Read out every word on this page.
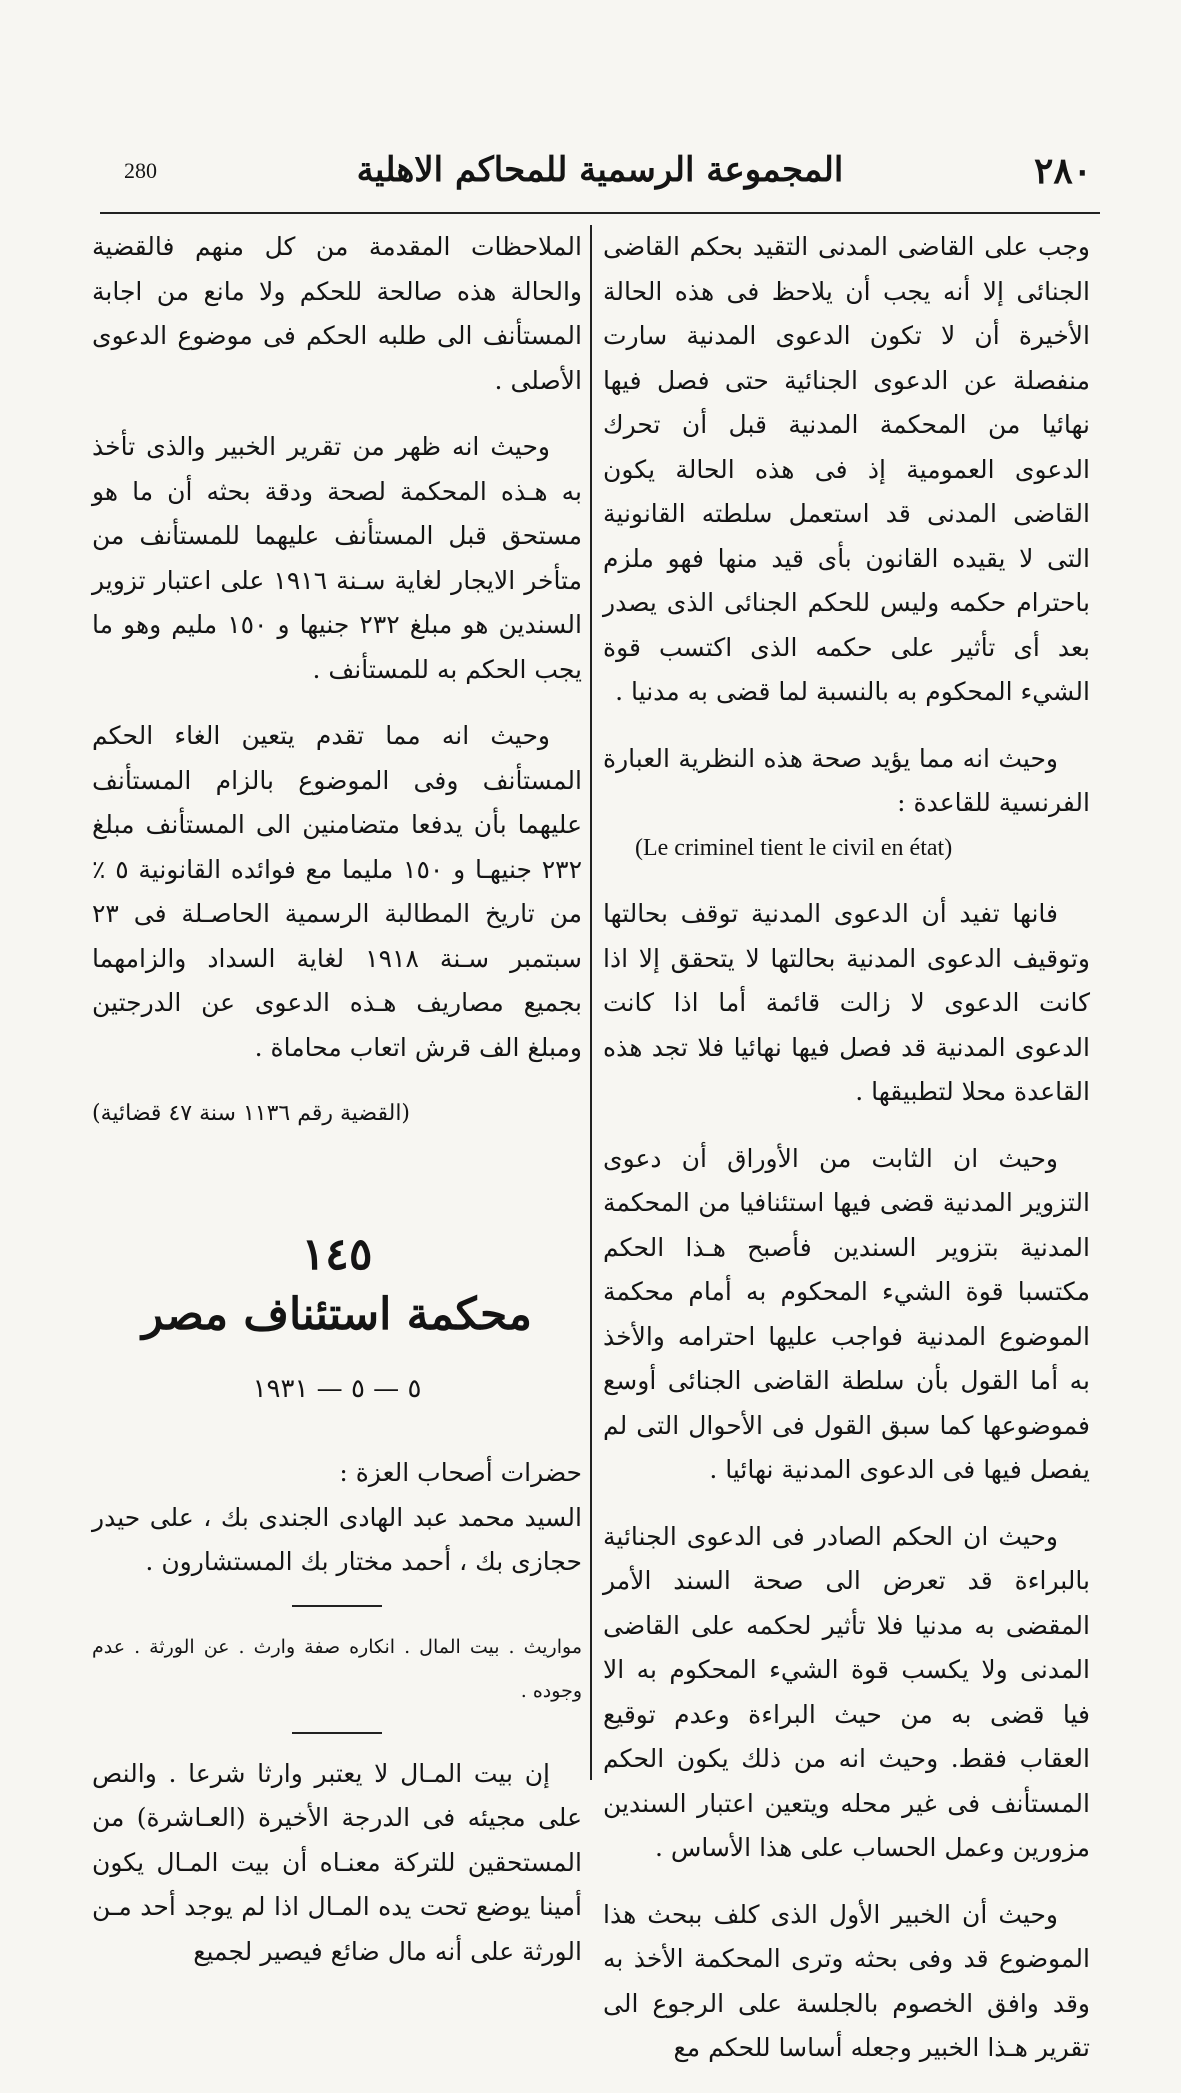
280	المجموعة الرسمية للمحاكم الاهلية	٢٨٠

وجب على القاضى المدنى التقيد بحكم القاضى الجنائى إلا أنه يجب أن يلاحظ فى هذه الحالة الأخيرة أن لا تكون الدعوى المدنية سارت منفصلة عن الدعوى الجنائية حتى فصل فيها نهائيا من المحكمة المدنية قبل أن تحرك الدعوى العمومية إذ فى هذه الحالة يكون القاضى المدنى قد استعمل سلطته القانونية التى لا يقيده القانون بأى قيد منها فهو ملزم باحترام حكمه وليس للحكم الجنائى الذى يصدر بعد أى تأثير على حكمه الذى اكتسب قوة الشيء المحكوم به بالنسبة لما قضى به مدنيا .

وحيث انه مما يؤيد صحة هذه النظرية العبارة الفرنسية للقاعدة :
(Le criminel tient le civil en état)

فانها تفيد أن الدعوى المدنية توقف بحالتها وتوقيف الدعوى المدنية بحالتها لا يتحقق إلا اذا كانت الدعوى لا زالت قائمة أما اذا كانت الدعوى المدنية قد فصل فيها نهائيا فلا تجد هذه القاعدة محلا لتطبيقها .

وحيث ان الثابت من الأوراق أن دعوى التزوير المدنية قضى فيها استئنافيا من المحكمة المدنية بتزوير السندين فأصبح هـذا الحكم مكتسبا قوة الشيء المحكوم به أمام محكمة الموضوع المدنية فواجب عليها احترامه والأخذ به أما القول بأن سلطة القاضى الجنائى أوسع فموضوعها كما سبق القول فى الأحوال التى لم يفصل فيها فى الدعوى المدنية نهائيا .

وحيث ان الحكم الصادر فى الدعوى الجنائية بالبراءة قد تعرض الى صحة السند الأمر المقضى به مدنيا فلا تأثير لحكمه على القاضى المدنى ولا يكسب قوة الشيء المحكوم به الا فيا قضى به من حيث البراءة وعدم توقيع العقاب فقط. وحيث انه من ذلك يكون الحكم المستأنف فى غير محله ويتعين اعتبار السندين مزورين وعمل الحساب على هذا الأساس .

وحيث أن الخبير الأول الذى كلف ببحث هذا الموضوع قد وفى بحثه وترى المحكمة الأخذ به وقد وافق الخصوم بالجلسة على الرجوع الى تقرير هـذا الخبير وجعله أساسا للحكم مع

الملاحظات المقدمة من كل منهم فالقضية والحالة هذه صالحة للحكم ولا مانع من اجابة المستأنف الى طلبه الحكم فى موضوع الدعوى الأصلى .

وحيث انه ظهر من تقرير الخبير والذى تأخذ به هـذه المحكمة لصحة ودقة بحثه أن ما هو مستحق قبل المستأنف عليهما للمستأنف من متأخر الايجار لغاية سـنة ١٩١٦ على اعتبار تزوير السندين هو مبلغ ٢٣٢ جنيها و ١٥٠ مليم وهو ما يجب الحكم به للمستأنف .

وحيث انه مما تقدم يتعين الغاء الحكم المستأنف وفى الموضوع بالزام المستأنف عليهما بأن يدفعا متضامنين الى المستأنف مبلغ ٢٣٢ جنيهـا و ١٥٠ مليما مع فوائده القانونية ٥ ٪ من تاريخ المطالبة الرسمية الحاصـلة فى ٢٣ سبتمبر سـنة ١٩١٨ لغاية السداد والزامهما بجميع مصاريف هـذه الدعوى عن الدرجتين ومبلغ الف قرش اتعاب محاماة .

(القضية رقم ١١٣٦ سنة ٤٧ قضائية)

١٤٥
محكمة استئناف مصر
٥ — ٥ — ١٩٣١

حضرات أصحاب العزة :

السيد محمد عبد الهادى الجندى بك ، على حيدر حجازى بك ، أحمد مختار بك المستشارون .

مواريث . بيت المال . انكاره صفة وارث . عن الورثة . عدم وجوده .

إن بيت المـال لا يعتبر وارثا شرعا . والنص على مجيئه فى الدرجة الأخيرة (العـاشرة) من المستحقين للتركة معنـاه أن بيت المـال يكون أمينا يوضع تحت يده المـال اذا لم يوجد أحد مـن الورثة على أنه مال ضائع فيصير لجميع
